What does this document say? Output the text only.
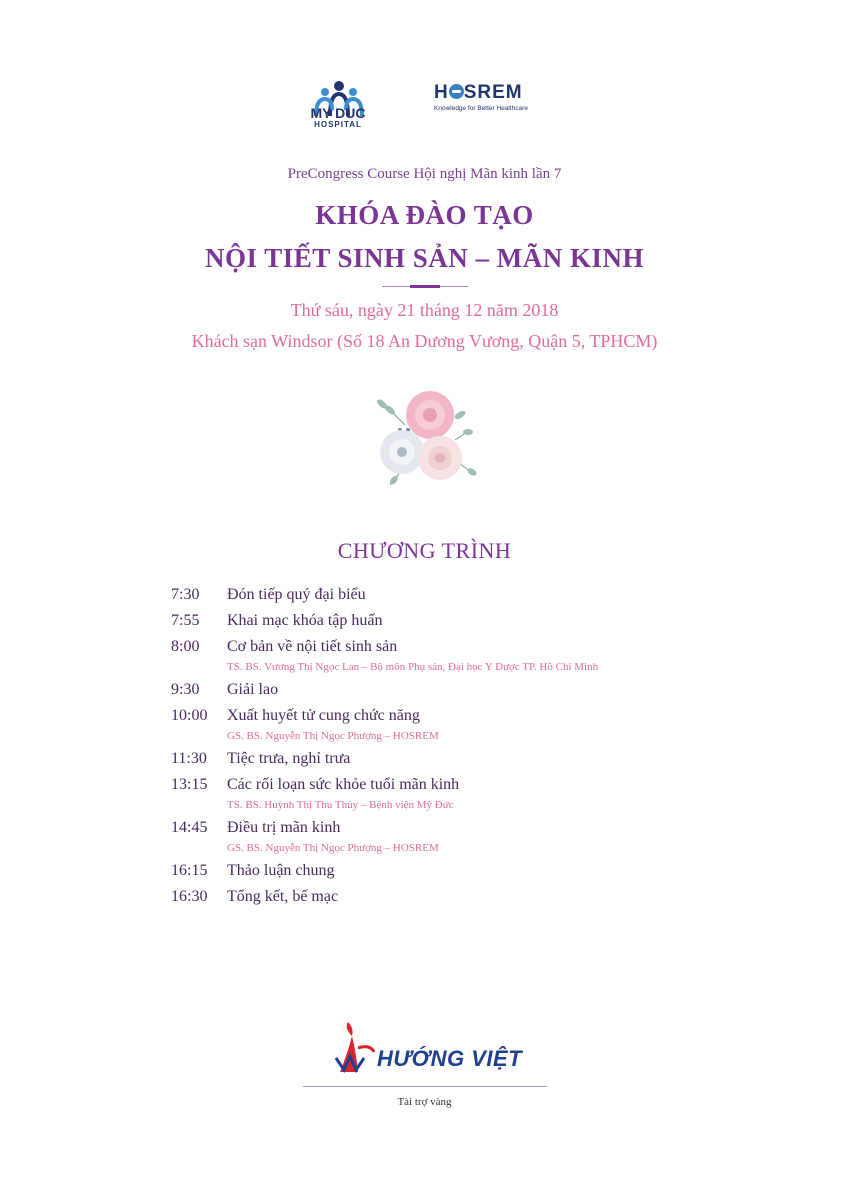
MY DUC
HOSPITAL
H SREM
Knowledge for Better Healthcare
PreCongress Course Hội nghị Mãn kinh lần 7
KHÓA ĐÀO TẠO
NỘI TIẾT SINH SẢN – MÃN KINH
Thứ sáu, ngày 21 tháng 12 năm 2018
Khách sạn Windsor (Số 18 An Dương Vương, Quận 5, TPHCM)
CHƯƠNG TRÌNH
7:30 Đón tiếp quý đại biểu
7:55 Khai mạc khóa tập huấn
8:00 Cơ bản về nội tiết sinh sản
TS. BS. Vương Thị Ngọc Lan – Bộ môn Phụ sản, Đại học Y Dược TP. Hồ Chí Minh
9:30 Giải lao
10:00 Xuất huyết tử cung chức năng
GS. BS. Nguyễn Thị Ngọc Phượng – HOSREM
11:30 Tiệc trưa, nghỉ trưa
13:15 Các rối loạn sức khỏe tuổi mãn kinh
TS. BS. Huỳnh Thị Thu Thủy – Bệnh viện Mỹ Đức
14:45 Điều trị mãn kinh
GS. BS. Nguyễn Thị Ngọc Phượng – HOSREM
16:15 Thảo luận chung
16:30 Tổng kết, bế mạc
HƯỚNG VIỆT
Tài trợ vàng
